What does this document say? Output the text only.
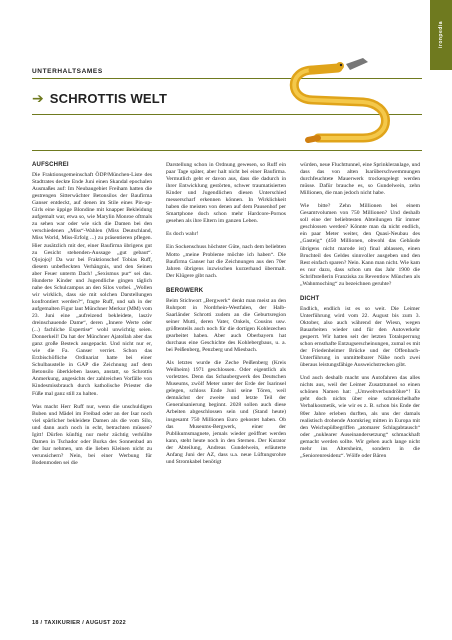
ironpedia
UNTERHALTSAMES
➔ SCHROTTIS WELT
AUFSCHREI

Die Fraktionsgemeinschaft ÖDP/München-Liste des Stadtrates deckte Ende Juni einen Skandal epochalen Ausmaßes auf: Im Neubaugebiet Freiham hatten die gestrengen Sitterwächter Betonsilos der Baufirma Ganser entdeckt, auf denen im Stile eines Pin-up-Girls eine üppige Blondine mit knapper Bekleidung aufgemalt war, etwa so, wie Marylin Monroe oftmals zu sehen war oder wie sich die Damen bei den verschiedenen „Miss“-Wahlen (Miss Deutschland, Miss World, Miss-Erfolg ...) zu präsentieren pflegen. Hier zusätzlich mit der, einer Baufirma übrigens gut zu Gesicht stehenden-Aussage „gut gebaut“. Ojojojoj! Da war bei Fraktionschef Tobias Ruff, diesem unbefleckten Verhängnis, und den Seinen aber Feuer unterm Dach! „Sexismus pur“ sei das. Hunderte Kinder und Jugendliche gingen täglich nahe des Schulcampus an den Silos vorbei. „Wollen wir wirklich, dass sie mit solchen Darstellungen konfrontiert werden?“, fragte Ruff, und sah in der aufgemalten Figur laut Münchner Merkur (MM) vom 23. Juni eine „aufreizend bekleidete, lasziv dreinschauende Dame“, deren „Innere Werte oder (...) fachliche Expertise“ wohl unwichtig seien. Donnerkeil! Da hat der Münchner Ajatollah aber das ganz große Besteck ausgepackt. Und nicht nur er, wie die Fa. Ganser verriet. Schon das Erzbischöfliche Ordinariat hatte bei einer Schulbaustelle in GAP die Zeichnung auf dem Betonsilo überkleben lassen, anstatt, so Schrottis Anmerkung, angesichts der zahlreichen Vorfälle von Kindesmissbrauch durch katholische Priester die Füße mal ganz still zu halten.

Was macht Herr Ruff nur, wenn die unschuldigen Buben und Mädel im Freibad oder an der Isar noch viel spärlicher bekleidete Damen als die vom Silo, und dann auch noch in echt, betrachten müssen? Igitt! Dürfen künftig nur mehr züchtig verhüllte Damen in Tschador oder Burka des Sonnenbad an der Isar nehmen, um die lieben Kleinen nicht zu verunsichern? Nein, bei einer Werbung für Bodenmoden sei die

Darstellung schon in Ordnung gewesen, so Ruff ein paar Tage später, aber halt nicht bei einer Baufirma. Vermutlich geht er davon aus, dass die dadurch in ihrer Entwicklung gestörten, schwer traumatisierten Kinder und Jugendlichen diesen Unterschied messerscharf erkennen können. In Wirklichkeit haben die meisten von denen auf dem Pausenhof per Smartphone doch schon mehr Hardcore-Pornos gesehen als ihre Eltern im ganzen Leben.

Es doch wahr!

Ein Sockenschuss höchster Güte, nach dem beliebten Motto „meine Probleme möchte ich haben“. Die Baufirma Ganser hat die Zeichnungen aus den 70er Jahren übrigens inzwischen kurzerhand übermalt. Der Klügere gibt nach.

BERGWERK

Beim Stichwort „Bergwerk“ denkt man meist an den Ruhrpott in Nordrhein-Westfalen, der Halb-Saarländer Schrotti zudem an die Geburtsregion seiner Mutti, deren Vater, Onkels, Cousins usw. größtenteils auch noch für die dortigen Kohlezechen gearbeitet haben. Aber auch Oberbayern hat durchaus eine Geschichte des Kohlebergbaus, u. a. bei Peißenberg, Penzberg und Miesbach.

Als letztes wurde die Zeche Peißenberg (Kreis Weilheim) 1971 geschlossen. Oder eigentlich als vorletztes. Denn das Schaubergwerk des Deutschen Museums, zwölf Meter unter der Erde der Isarinsel gelegen, schloss Ende Juni seine Tören, weil demnächst der zweite und letzte Teil der Generalsanierung beginnt. 2028 sollen auch diese Arbeiten abgeschlossen sein und (Stand heute) insgesamt 750 Millionen Euro gekostet haben. Ob das Museums-Bergwerk, einer der Publikumsmagnete, jemals wieder geöffnet werden kann, steht heute noch in den Sternen. Der Kurator der Abteilung, Andreas Gundelwein, erläuterte Anfang Juni der AZ, dass u.a. neue Lüftungsrohre und Stromkabel benötigt

würden, neue Fluchttunnel, eine Sprinkleranlage, und dass das von alten Isarüberschwemmungen durchfeuchtete Mauerwerk trockengelegt werden müsse. Dafür brauche es, so Gundelwein, zehn Millionen, die man jedoch nicht habe.

Wie bitte? Zehn Millionen bei einem Gesamtvolumen von 750 Millionen? Und deshalb soll eine der beliebtesten Abteilungen für immer geschlossen werden? Könnte man da nicht endlich, ein paar Meter weiter, den Quasi-Neubau des „Gasteig“ (450 Millionen, obwohl das Gebäude übrigens nicht marode ist) final ablassen, einen Bruchteil des Geldes sinnvoller ausgeben und den Rest einfach sparen? Nein. Kann man nicht. Wie kam es nur dazu, dass schon um das Jahr 1900 die Schriftstellerin Franziska zu Reventlow München als „Wahnmoching“ zu bezeichnen geruhte?

DICHT

Endlich, endlich ist es so weit. Die Leimer Unterführung wird vom 22. August bis zum 3. Oktober, also auch während der Wiesn, wegen Bauarbeiten wieder und für den Autoverkehr gesperrt. Wir hatten seit der letzten Totalsperrung schon ernsthafte Entzugserscheinungen, zumal es mit der Friedenheimer Brücke und der Offenbach-Unterführung in unmittelbarer Nähe noch zwei überaus leistungsfähige Ausweichstrecken gibt.

Und auch deshalb macht uns Autofahren das alles nichts aus, weil der Leimer Zusatztunnel so einen schönen Namen hat: „Umweltverbundröhre“! Es geht doch nichts über eine schmeichelhafte Verbalkosmetik, wie wir es z. B. schon bis Ende der 80er Jahre erleben durften, als uns der damals realistisch drohende Atomkrieg mitten in Europa mit den Weichspülbegriffen „atomarer Schlagabtausch“ oder „nuklearer Auseinandersetzung“ schmackhaft gemacht werden sollte. Wir gehen auch lange nicht mehr ins Altersheim, sondern in die „Seniorenresidenz“. Wölfe oder Bären

18 / TAXIKURIER / AUGUST 2022
